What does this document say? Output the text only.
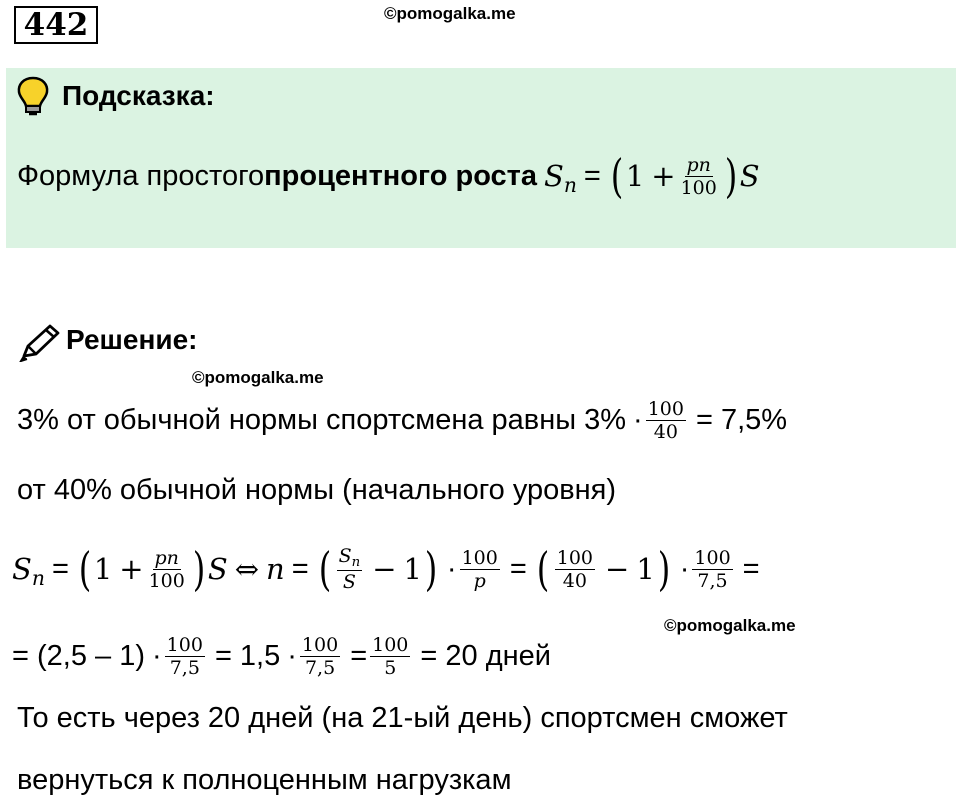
442	©pomogalka.me
Подсказка:
Формула простого процентного роста $S_n$ = ( $1 + \frac{pn}{100}$ ) S
Решение:
©pomogalka.me
3% от обычной нормы спортсмена равны $3\% \cdot \frac{100}{40} = 7,5\%$
от 40% обычной нормы (начального уровня)
$S_n$ = ( $1 + \frac{pn}{100}$ ) S ⇔ n = ( $\frac{S_n}{S} - 1$ ) · $\frac{100}{p}$ = ( $\frac{100}{40} - 1$ ) · $\frac{100}{7,5}$ =
©pomogalka.me
= $(2,5 - 1) \cdot \frac{100}{7,5} = 1,5 \cdot \frac{100}{7,5} = \frac{100}{5} = 20$ дней
То есть через 20 дней (на 21-ый день) спортсмен сможет
вернуться к полноценным нагрузкам
